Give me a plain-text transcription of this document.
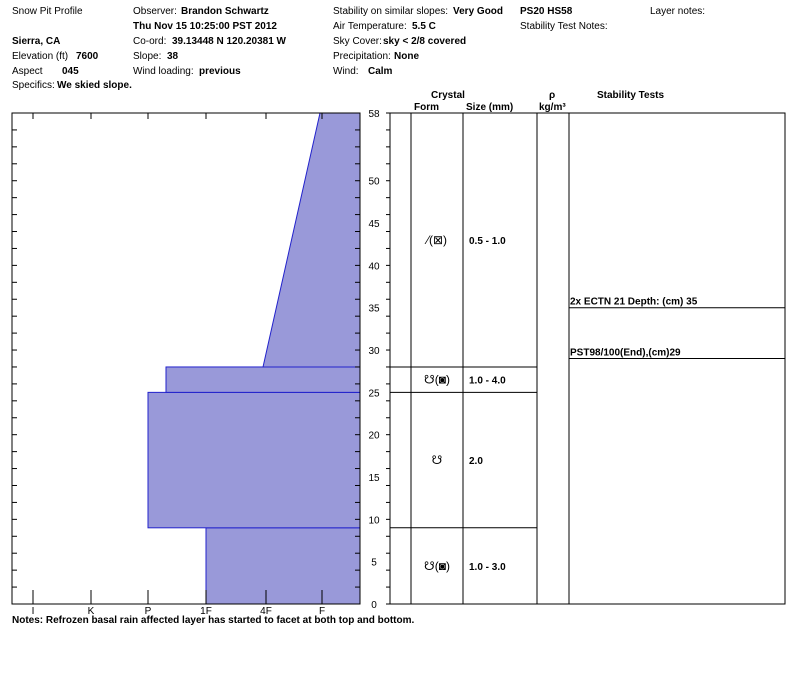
Snow Pit Profile
Sierra, CA
Elevation (ft) 7600
Aspect 045
Specifics: We skied slope.
Observer: Brandon Schwartz
Thu Nov 15 10:25:00 PST 2012
Co-ord: 39.13448 N 120.20381 W
Slope: 38
Wind loading: previous
Stability on similar slopes: Very Good
Air Temperature: 5.5 C
Sky Cover: sky < 2/8 covered
Precipitation: None
Wind: Calm
PS20 HS58
Stability Test Notes:
Layer notes:
Crystal
Form	Size (mm)
ρ
kg/m³
Stability Tests
I	K	P	1F	4F	F
0
5
10
15
20
25
30
35
40
45
50
58
⁄(⊠) 0.5 - 1.0
☋(◙) 1.0 - 4.0
☋	2.0
☋(◙) 1.0 - 3.0
2x ECTN 21 Depth: (cm) 35
PST98/100(End),(cm)29
Notes: Refrozen basal rain affected layer has started to facet at both top and bottom.
